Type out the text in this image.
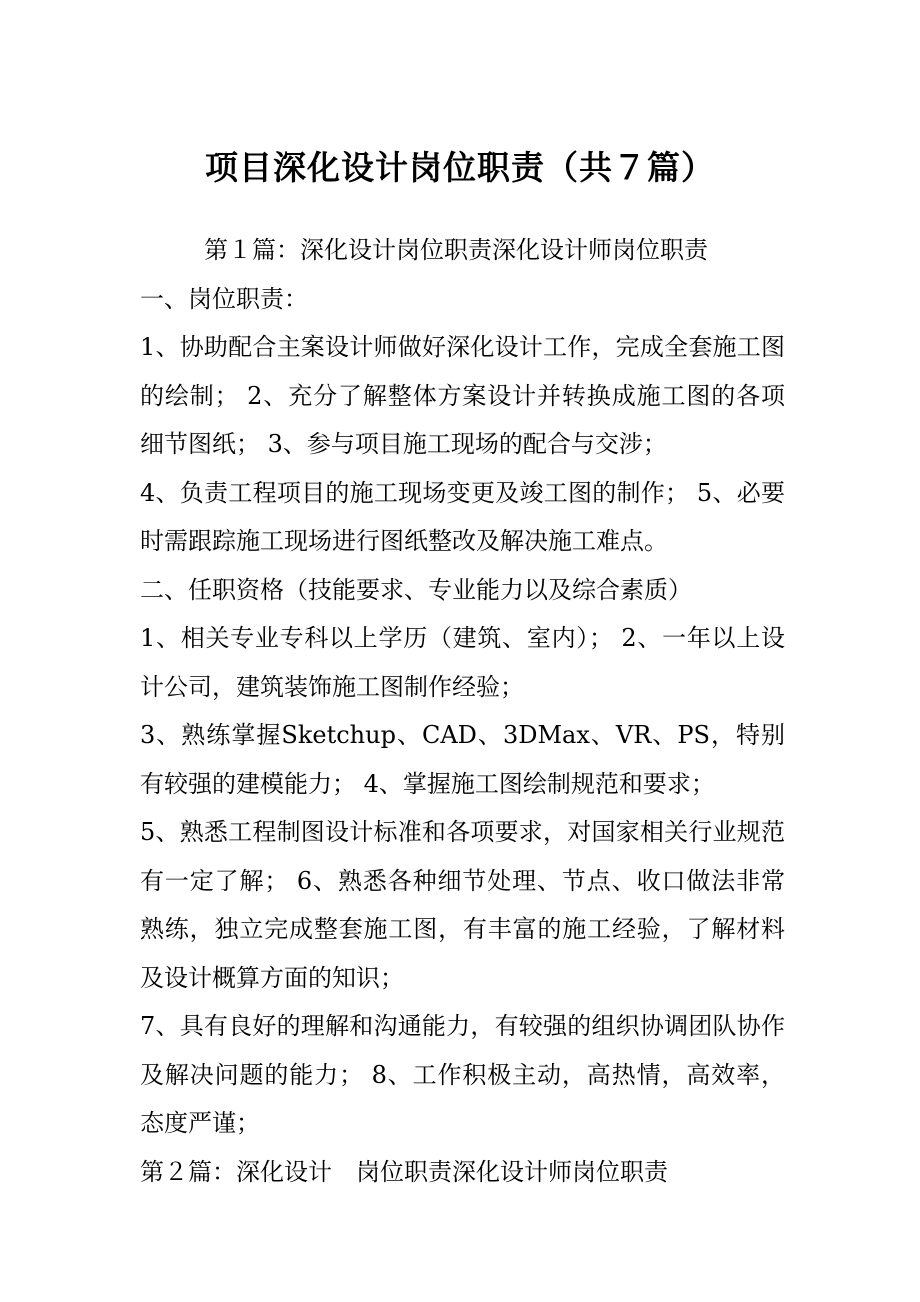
项目深化设计岗位职责（共７篇）

第１篇：深化设计岗位职责深化设计师岗位职责

一、岗位职责：

1、协助配合主案设计师做好深化设计工作，完成全套施工图的绘制； 2、充分了解整体方案设计并转换成施工图的各项细节图纸； 3、参与项目施工现场的配合与交涉；

4、负责工程项目的施工现场变更及竣工图的制作； 5、必要时需跟踪施工现场进行图纸整改及解决施工难点。

二、任职资格（技能要求、专业能力以及综合素质）

1、相关专业专科以上学历（建筑、室内）； 2、一年以上设计公司，建筑装饰施工图制作经验；

3、熟练掌握Sketchup、CAD、3DMax、VR、PS，特别有较强的建模能力； 4、掌握施工图绘制规范和要求；

5、熟悉工程制图设计标准和各项要求，对国家相关行业规范有一定了解； 6、熟悉各种细节处理、节点、收口做法非常熟练，独立完成整套施工图，有丰富的施工经验，了解材料及设计概算方面的知识；

7、具有良好的理解和沟通能力，有较强的组织协调团队协作及解决问题的能力； 8、工作积极主动，高热情，高效率，态度严谨；

第２篇：深化设计　岗位职责深化设计师岗位职责
